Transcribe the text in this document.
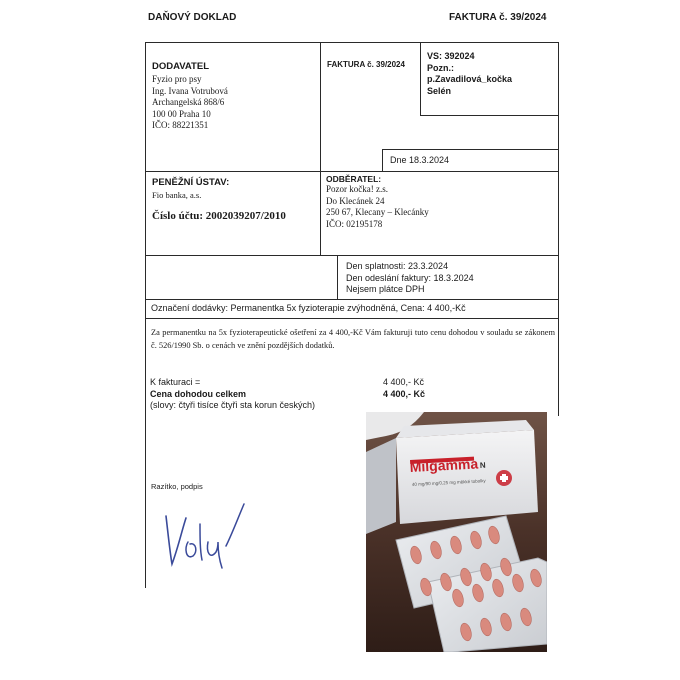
DAŇOVÝ DOKLAD	FAKTURA č. 39/2024
DODAVATEL
Fyzio pro psy
Ing. Ivana Votrubová
Archangelská 868/6
100 00 Praha 10
IČO: 88221351
FAKTURA č. 39/2024
VS: 392024
Pozn.:
p.Zavadilová_kočka
Selén
Dne 18.3.2024
PENĚŽNÍ ÚSTAV:
Fio banka, a.s.
Číslo účtu: 2002039207/2010
ODBĚRATEL:
Pozor kočka! z.s.
Do Klecánek 24
250 67, Klecany – Klecánky
IČO: 02195178
Den splatnosti: 23.3.2024
Den odeslání faktury: 18.3.2024
Nejsem plátce DPH
Označení dodávky: Permanentka 5x fyzioterapie zvýhodněná, Cena: 4 400,-Kč
Za permanentku na 5x fyzioterapeutické ošetření za 4 400,-Kč Vám fakturuji tuto cenu dohodou v souladu se zákonem č. 526/1990 Sb. o cenách ve znění pozdějších dodatků.
K fakturaci =
Cena dohodou celkem
(slovy: čtyři tisíce čtyři sta korun českých)
4 400,- Kč
4 400,- Kč
Razítko, podpis
Milgamma N
40 mg/90 mg/0,25 mg měkké tobolky
